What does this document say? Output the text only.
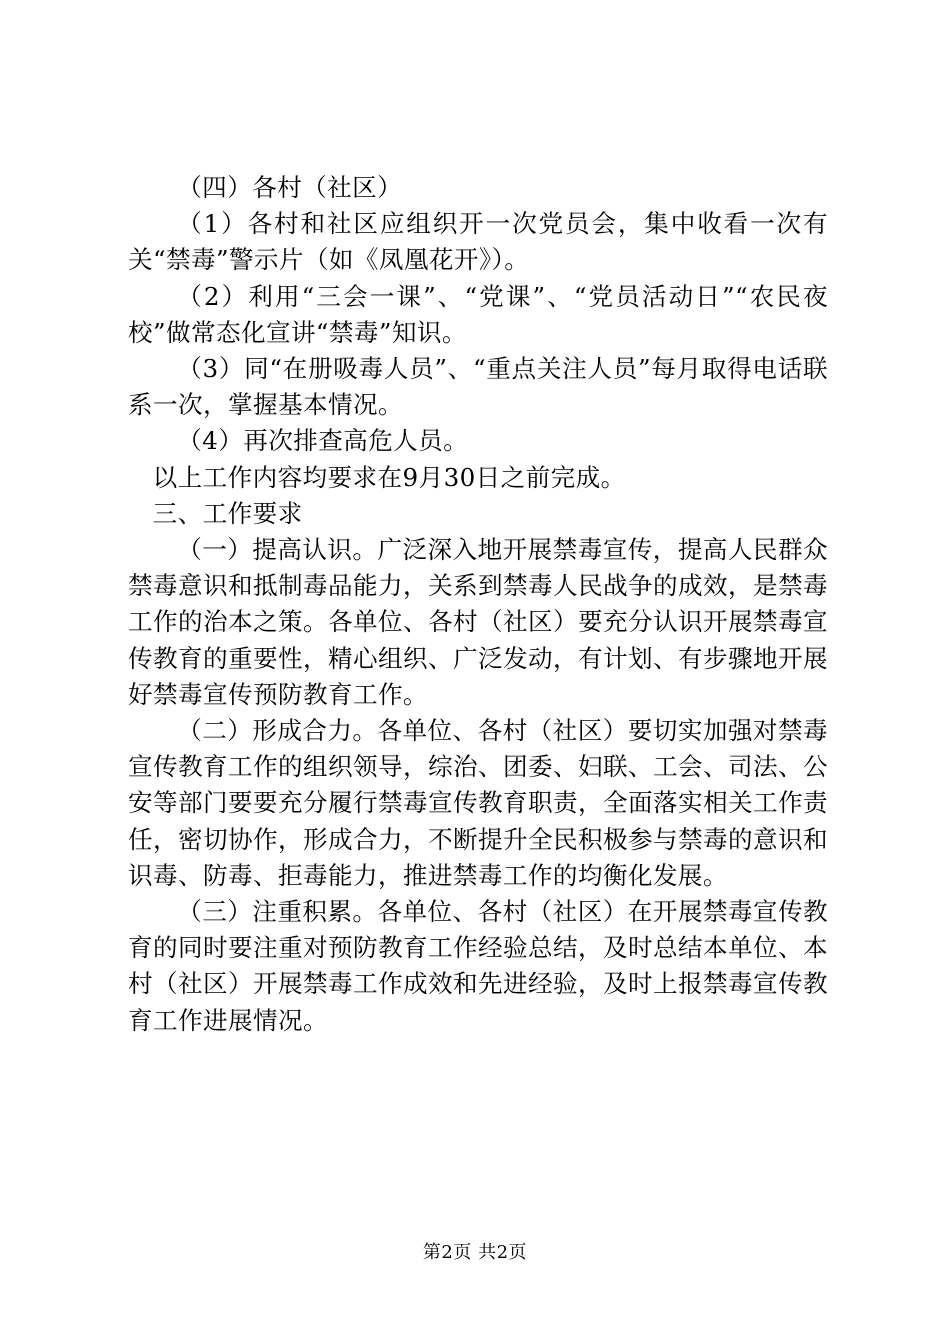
（四）各村（社区）

（1）各村和社区应组织开一次党员会，集中收看一次有关“禁毒”警示片（如《凤凰花开》）。

（2）利用“三会一课”、“党课”、“党员活动日”“农民夜校”做常态化宣讲“禁毒”知识。

（3）同“在册吸毒人员”、“重点关注人员”每月取得电话联系一次，掌握基本情况。

（4）再次排查高危人员。

以上工作内容均要求在9月30日之前完成。

三、工作要求

（一）提高认识。广泛深入地开展禁毒宣传，提高人民群众禁毒意识和抵制毒品能力，关系到禁毒人民战争的成效，是禁毒工作的治本之策。各单位、各村（社区）要充分认识开展禁毒宣传教育的重要性，精心组织、广泛发动，有计划、有步骤地开展好禁毒宣传预防教育工作。

（二）形成合力。各单位、各村（社区）要切实加强对禁毒宣传教育工作的组织领导，综治、团委、妇联、工会、司法、公安等部门要要充分履行禁毒宣传教育职责，全面落实相关工作责任，密切协作，形成合力，不断提升全民积极参与禁毒的意识和识毒、防毒、拒毒能力，推进禁毒工作的均衡化发展。

（三）注重积累。各单位、各村（社区）在开展禁毒宣传教育的同时要注重对预防教育工作经验总结，及时总结本单位、本村（社区）开展禁毒工作成效和先进经验，及时上报禁毒宣传教育工作进展情况。

第2页 共2页
